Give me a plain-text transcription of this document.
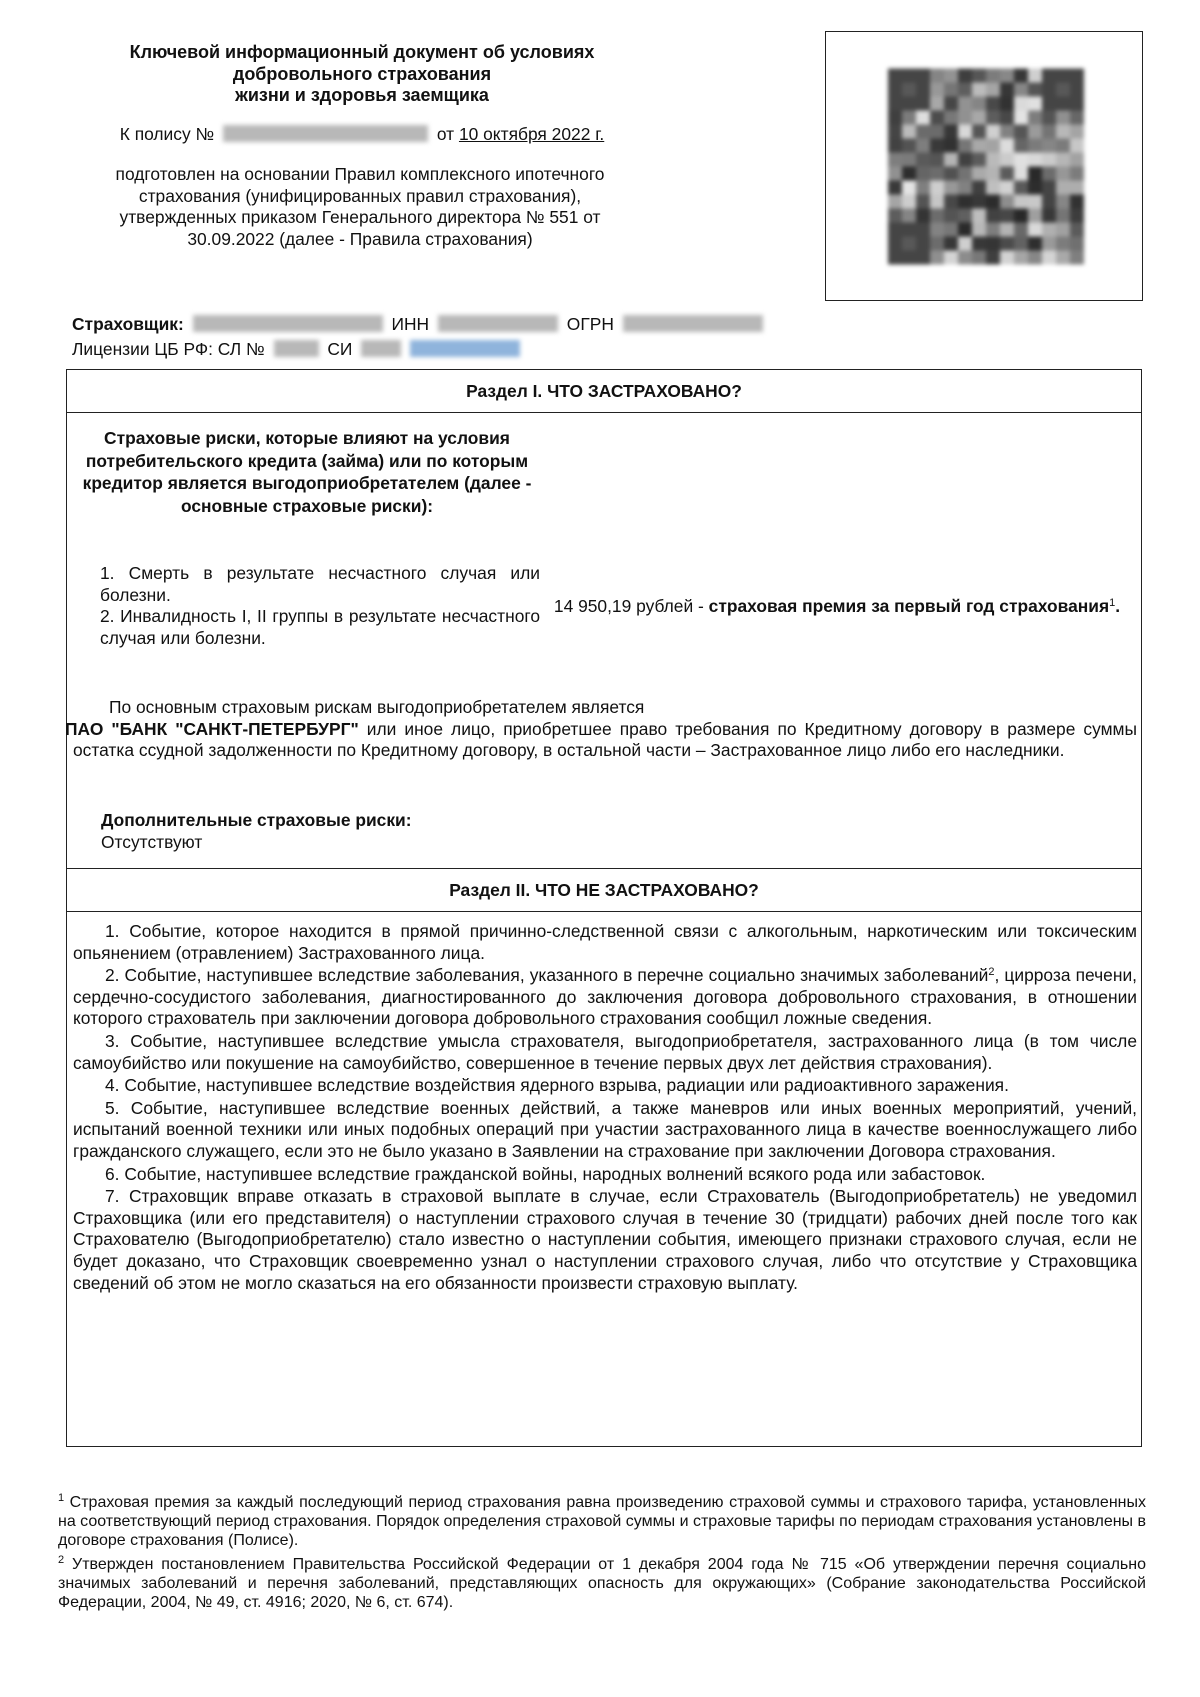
Ключевой информационный документ об условиях
добровольного страхования
жизни и здоровья заемщика
К полису №	от 10 октября 2022 г.
подготовлен на основании Правил комплексного ипотечного страхования (унифицированных правил страхования), утвержденных приказом Генерального директора № 551 от 30.09.2022 (далее - Правила страхования)
Страховщик:	ИНН	ОГРН
Лицензии ЦБ РФ: СЛ №	СИ
Раздел I. ЧТО ЗАСТРАХОВАНО?
Страховые риски, которые влияют на условия потребительского кредита (займа) или по которым кредитор является выгодоприобретателем (далее - основные страховые риски):

1. Смерть в результате несчастного случая или болезни.

2. Инвалидность I, II группы в результате несчастного случая или болезни.

14 950,19 рублей - страховая премия за первый год страхования$^1$.
По основным страховым рискам выгодоприобретателем является
ПАО "БАНК "САНКТ-ПЕТЕРБУРГ" или иное лицо, приобретшее право требования по Кредитному договору в размере суммы остатка ссудной задолженности по Кредитному договору, в остальной части – Застрахованное лицо либо его наследники.
Дополнительные страховые риски:
Отсутствуют
Раздел II. ЧТО НЕ ЗАСТРАХОВАНО?

1. Событие, которое находится в прямой причинно-следственной связи с алкогольным, наркотическим или токсическим опьянением (отравлением) Застрахованного лица.

2. Событие, наступившее вследствие заболевания, указанного в перечне социально значимых заболеваний$^2$, цирроза печени, сердечно-сосудистого заболевания, диагностированного до заключения договора добровольного страхования, в отношении которого страхователь при заключении договора добровольного страхования сообщил ложные сведения.

3. Событие, наступившее вследствие умысла страхователя, выгодоприобретателя, застрахованного лица (в том числе самоубийство или покушение на самоубийство, совершенное в течение первых двух лет действия страхования).

4. Событие, наступившее вследствие воздействия ядерного взрыва, радиации или радиоактивного заражения.

5. Событие, наступившее вследствие военных действий, а также маневров или иных военных мероприятий, учений, испытаний военной техники или иных подобных операций при участии застрахованного лица в качестве военнослужащего либо гражданского служащего, если это не было указано в Заявлении на страхование при заключении Договора страхования.

6. Событие, наступившее вследствие гражданской войны, народных волнений всякого рода или забастовок.

7. Страховщик вправе отказать в страховой выплате в случае, если Страхователь (Выгодоприобретатель) не уведомил Страховщика (или его представителя) о наступлении страхового случая в течение 30 (тридцати) рабочих дней после того как Страхователю (Выгодоприобретателю) стало известно о наступлении события, имеющего признаки страхового случая, если не будет доказано, что Страховщик своевременно узнал о наступлении страхового случая, либо что отсутствие у Страховщика сведений об этом не могло сказаться на его обязанности произвести страховую выплату.

$^1$ Страховая премия за каждый последующий период страхования равна произведению страховой суммы и страхового тарифа, установленных на соответствующий период страхования. Порядок определения страховой суммы и страховые тарифы по периодам страхования установлены в договоре страхования (Полисе).

$^2$ Утвержден постановлением Правительства Российской Федерации от 1 декабря 2004 года № 715 «Об утверждении перечня социально значимых заболеваний и перечня заболеваний, представляющих опасность для окружающих» (Собрание законодательства Российской Федерации, 2004, № 49, ст. 4916; 2020, № 6, ст. 674).
